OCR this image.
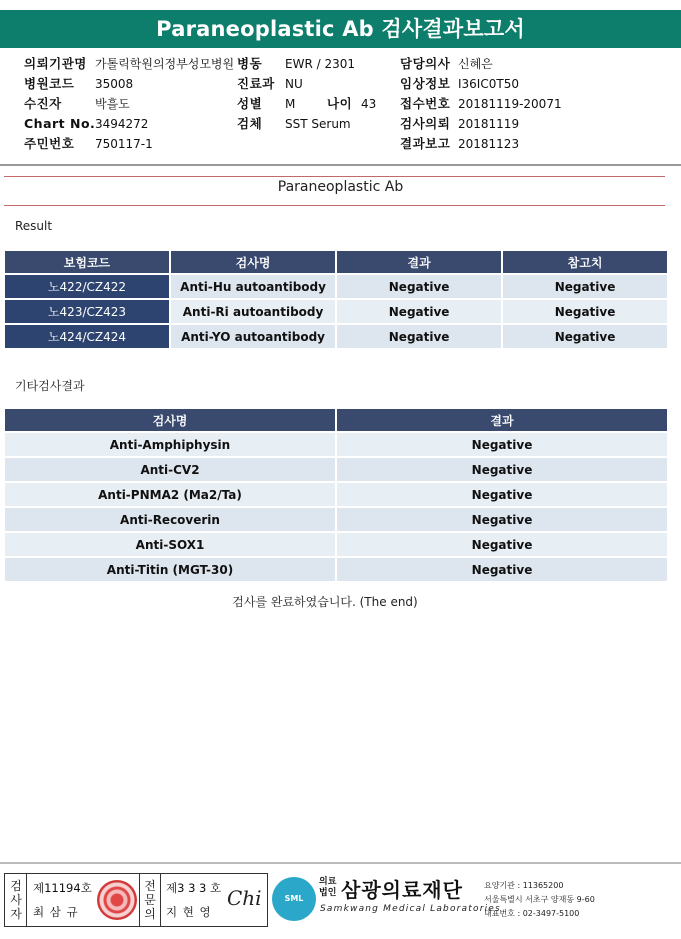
Paraneoplastic Ab 검사결과보고서
의뢰기관명 가톨릭학원의정부성모병원 병동 EWR / 2301	담당의사 신혜은
병원코드 35008	진료과 NU	임상정보 I36IC0T50
수진자	박흘도	성별 M	나이 43 접수번호 20181119-20071
Chart No. 3494272	검체 SST Serum	검사의뢰 20181119
주민번호 750117-1	결과보고 20181123
Paraneoplastic Ab
Result
보험코드	검사명	결과	참고치
노422/CZ422	Anti-Hu autoantibody	Negative	Negative
노423/CZ423	Anti-Ri autoantibody	Negative	Negative
노424/CZ424	Anti-YO autoantibody	Negative	Negative
기타검사결과
검사명	결과
Anti-Amphiphysin	Negative
Anti-CV2	Negative
Anti-PNMA2 (Ma2/Ta)	Negative
Anti-Recoverin	Negative
Anti-SOX1	Negative
Anti-Titin (MGT-30)	Negative
검사를 완료하였습니다. (The end)
검사자
제11194호
최 삼 규
전문의
제3 3 3 호
지 현 영
Chi	SML
의료법인 삼광의료재단
Samkwang Medical Laboratories
요양기관 : 11365200
서울특별시 서초구 양재동 9-60
대표번호 : 02-3497-5100
